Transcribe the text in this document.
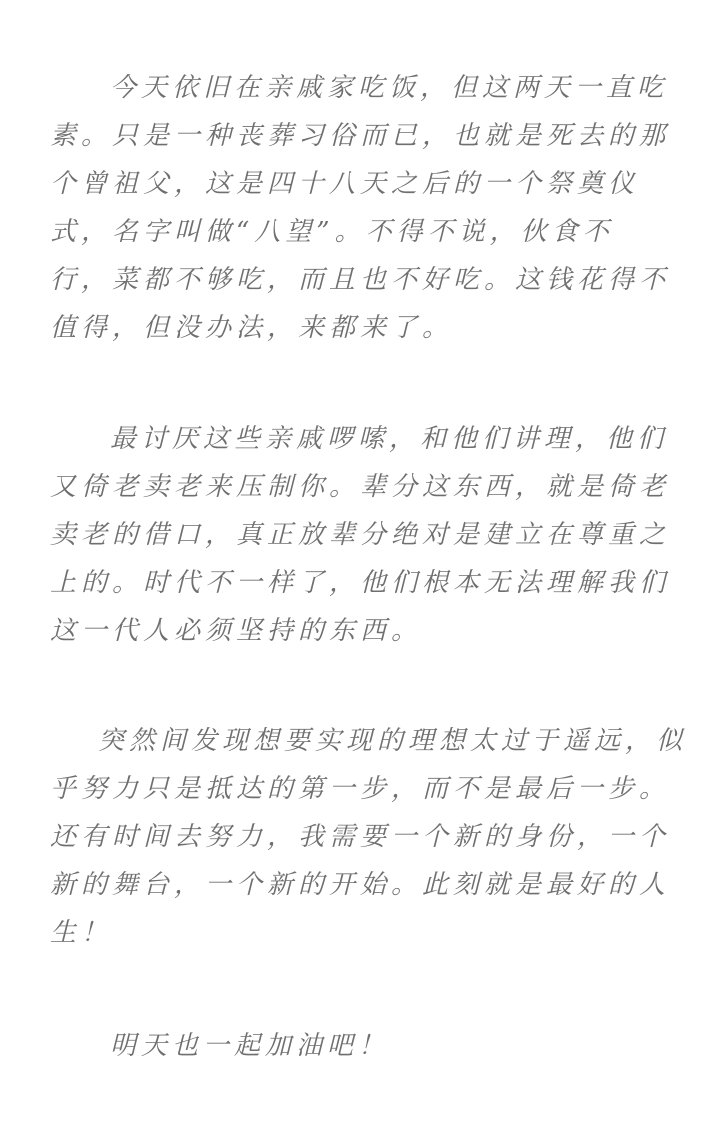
今天依旧在亲戚家吃饭，但这两天一直吃
素。只是一种丧葬习俗而已，也就是死去的那
个曾祖父，这是四十八天之后的一个祭奠仪
式，名字叫做“八望”。不得不说，伙食不
行，菜都不够吃，而且也不好吃。这钱花得不
值得，但没办法，来都来了。
最讨厌这些亲戚啰嗦，和他们讲理，他们
又倚老卖老来压制你。辈分这东西，就是倚老
卖老的借口，真正放辈分绝对是建立在尊重之
上的。时代不一样了，他们根本无法理解我们
这一代人必须坚持的东西。
突然间发现想要实现的理想太过于遥远，似
乎努力只是抵达的第一步，而不是最后一步。
还有时间去努力，我需要一个新的身份，一个
新的舞台，一个新的开始。此刻就是最好的人
生！
明天也一起加油吧！
